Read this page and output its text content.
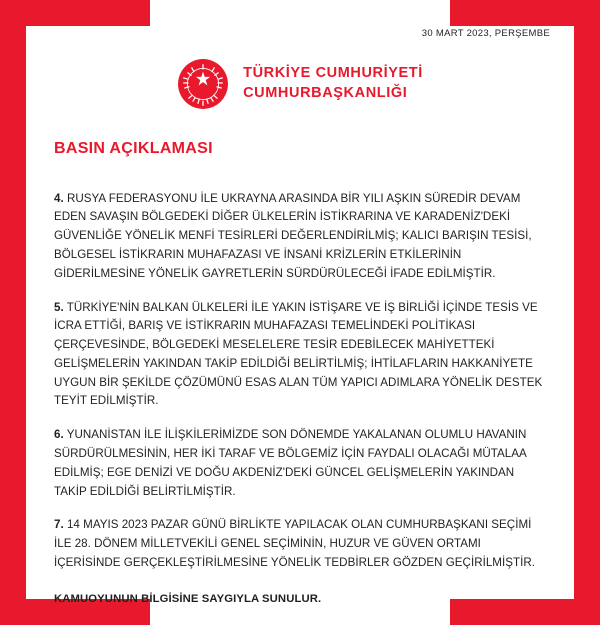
30 MART 2023, PERŞEMBE
TÜRKİYE CUMHURİYETİ
CUMHURBAŞKANLIĞI
BASIN AÇIKLAMASI

4. RUSYA FEDERASYONU İLE UKRAYNA ARASINDA BİR YILI AŞKIN SÜREDİR DEVAM EDEN SAVAŞIN BÖLGEDEKİ DİĞER ÜLKELERİN İSTİKRARINA VE KARADENİZ'DEKİ GÜVENLİĞE YÖNELİK MENFİ TESİRLERİ DEĞERLENDİRİLMİŞ; KALICI BARIŞIN TESİSİ, BÖLGESEL İSTİKRARIN MUHAFAZASI VE İNSANİ KRİZLERİN ETKİLERİNİN GİDERİLMESİNE YÖNELİK GAYRETLERİN SÜRDÜRÜLECEĞİ İFADE EDİLMİŞTİR.

5. TÜRKİYE'NİN BALKAN ÜLKELERİ İLE YAKIN İSTİŞARE VE İŞ BİRLİĞİ İÇİNDE TESİS VE İCRA ETTİĞİ, BARIŞ VE İSTİKRARIN MUHAFAZASI TEMELİNDEKİ POLİTİKASI ÇERÇEVESİNDE, BÖLGEDEKİ MESELELERE TESİR EDEBİLECEK MAHİYETTEKİ GELİŞMELERİN YAKINDAN TAKİP EDİLDİĞİ BELİRTİLMİŞ; İHTİLAFLARIN HAKKANİYETE UYGUN BİR ŞEKİLDE ÇÖZÜMÜNÜ ESAS ALAN TÜM YAPICI ADIMLARA YÖNELİK DESTEK TEYİT EDİLMİŞTİR.

6. YUNANİSTAN İLE İLİŞKİLERİMİZDE SON DÖNEMDE YAKALANAN OLUMLU HAVANIN SÜRDÜRÜLMESİNİN, HER İKİ TARAF VE BÖLGEMİZ İÇİN FAYDALI OLACAĞI MÜTALAA EDİLMİŞ; EGE DENİZİ VE DOĞU AKDENİZ'DEKİ GÜNCEL GELİŞMELERİN YAKINDAN TAKİP EDİLDİĞİ BELİRTİLMİŞTİR.

7. 14 MAYIS 2023 PAZAR GÜNÜ BİRLİKTE YAPILACAK OLAN CUMHURBAŞKANI SEÇİMİ İLE 28. DÖNEM MİLLETVEKİLİ GENEL SEÇİMİNİN, HUZUR VE GÜVEN ORTAMI İÇERİSİNDE GERÇEKLEŞTİRİLMESİNE YÖNELİK TEDBİRLER GÖZDEN GEÇİRİLMİŞTİR.

KAMUOYUNUN BİLGİSİNE SAYGIYLA SUNULUR.
